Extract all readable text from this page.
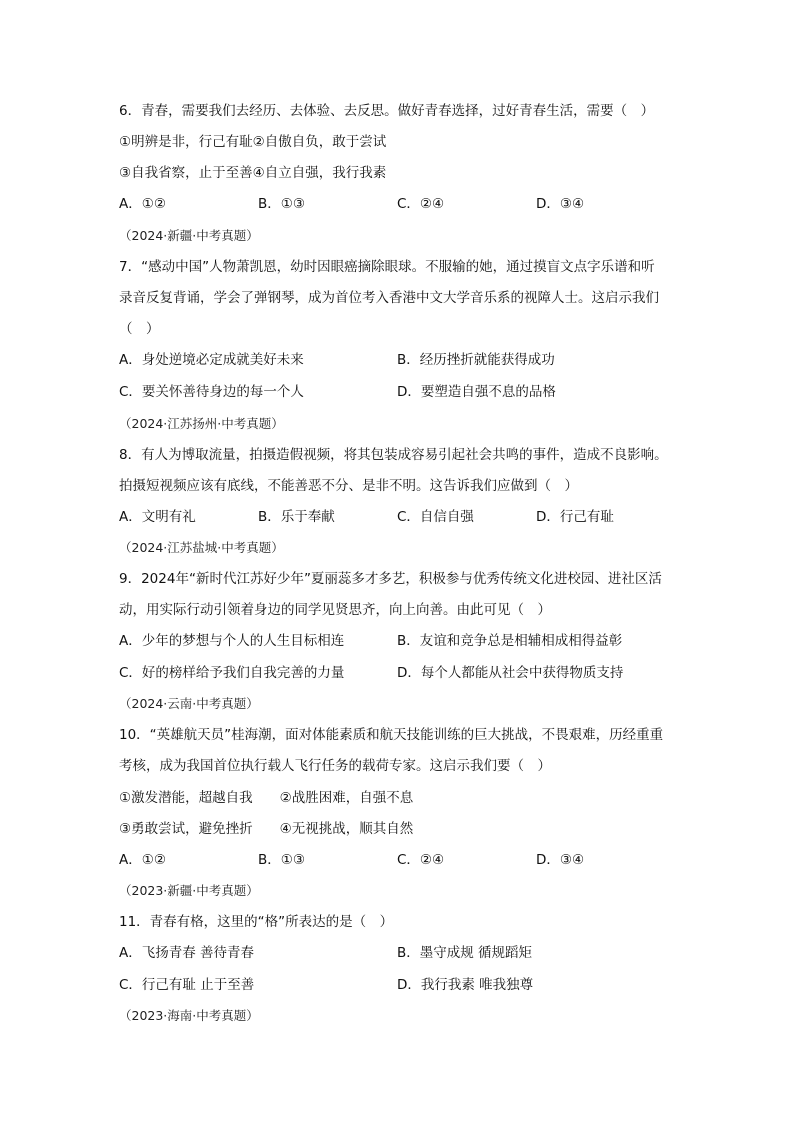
6．青春，需要我们去经历、去体验、去反思。做好青春选择，过好青春生活，需要（　）
①明辨是非，行己有耻②自傲自负，敢于尝试
③自我省察，止于至善④自立自强，我行我素
A．①②	B．①③	C．②④	D．③④
（2024·新疆·中考真题）
7．“感动中国”人物萧凯恩，幼时因眼癌摘除眼球。不服输的她，通过摸盲文点字乐谱和听
录音反复背诵，学会了弹钢琴，成为首位考入香港中文大学音乐系的视障人士。这启示我们
（　）
A．身处逆境必定成就美好未来	B．经历挫折就能获得成功
C．要关怀善待身边的每一个人	D．要塑造自强不息的品格
（2024·江苏扬州·中考真题）
8．有人为博取流量，拍摄造假视频，将其包装成容易引起社会共鸣的事件，造成不良影响。
拍摄短视频应该有底线，不能善恶不分、是非不明。这告诉我们应做到（　）
A．文明有礼	B．乐于奉献	C．自信自强	D．行己有耻
（2024·江苏盐城·中考真题）
9．2024年“新时代江苏好少年”夏丽蕊多才多艺，积极参与优秀传统文化进校园、进社区活
动，用实际行动引领着身边的同学见贤思齐，向上向善。由此可见（　）
A．少年的梦想与个人的人生目标相连	B．友谊和竞争总是相辅相成相得益彰
C．好的榜样给予我们自我完善的力量	D．每个人都能从社会中获得物质支持
（2024·云南·中考真题）
10．“英雄航天员”桂海潮，面对体能素质和航天技能训练的巨大挑战，不畏艰难，历经重重
考核，成为我国首位执行载人飞行任务的载荷专家。这启示我们要（　）
①激发潜能，超越自我　　②战胜困难，自强不息
③勇敢尝试，避免挫折　　④无视挑战，顺其自然
A．①②	B．①③	C．②④	D．③④
（2023·新疆·中考真题）
11．青春有格，这里的“格”所表达的是（　）
A．飞扬青春 善待青春	B．墨守成规 循规蹈矩
C．行己有耻 止于至善	D．我行我素 唯我独尊
（2023·海南·中考真题）
